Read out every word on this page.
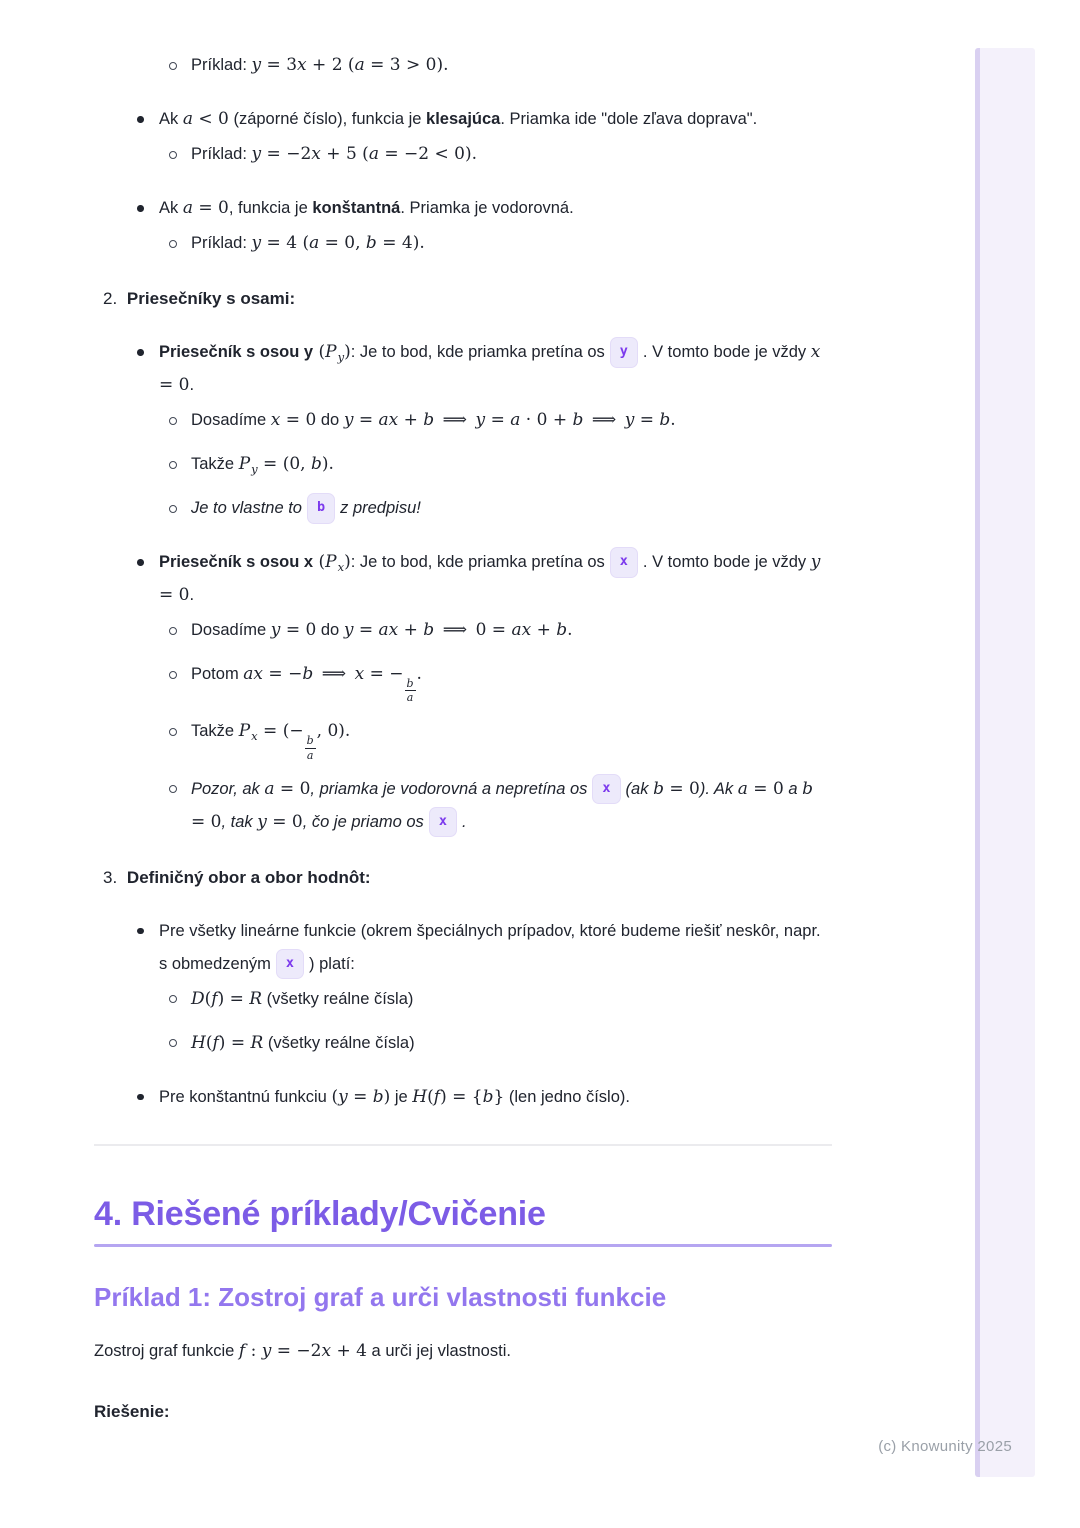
Príklad: y = 3x + 2 (a = 3 > 0).
Ak a < 0 (záporné číslo), funkcia je klesajúca. Priamka ide "dole zľava doprava".
Príklad: y = −2x + 5 (a = −2 < 0).
Ak a = 0, funkcia je konštantná. Priamka je vodorovná.
Príklad: y = 4 (a = 0, b = 4).
2. Priesečníky s osami:
Priesečník s osou y $(P_y)$: Je to bod, kde priamka pretína os y . V tomto bode je vždy x = 0.
Dosadíme x = 0 do y = ax + b  ⟹  y = a · 0 + b  ⟹  y = b.
Takže $P_y = (0$, b).
Je to vlastne to b z predpisu!
Priesečník s osou x $(P_x)$: Je to bod, kde priamka pretína os x . V tomto bode je vždy y = 0.
Dosadíme y = 0 do y = ax + b  ⟹  0 = ax + b.
Potom ax = −b  ⟹  x = −
$\frac{b}{a}$
.
Takže $P_x$ = (−
$\frac{b}{a}$
, 0).
Pozor, ak a = 0, priamka je vodorovná a nepretína os x (ak b = 0). Ak a = 0 a b = 0, tak y = 0, čo je priamo os x .
3. Definičný obor a obor hodnôt:
Pre všetky lineárne funkcie (okrem špeciálnych prípadov, ktoré budeme riešiť neskôr, napr. s obmedzeným x ) platí:
D(f) = R (všetky reálne čísla)
H(f) = R (všetky reálne čísla)
Pre konštantnú funkciu (y = b) je H(f) = {b} (len jedno číslo).
4. Riešené príklady/Cvičenie
Príklad 1: Zostroj graf a urči vlastnosti funkcie
Zostroj graf funkcie f : y = −2x + 4 a urči jej vlastnosti.
Riešenie:
(c) Knowunity 2025
